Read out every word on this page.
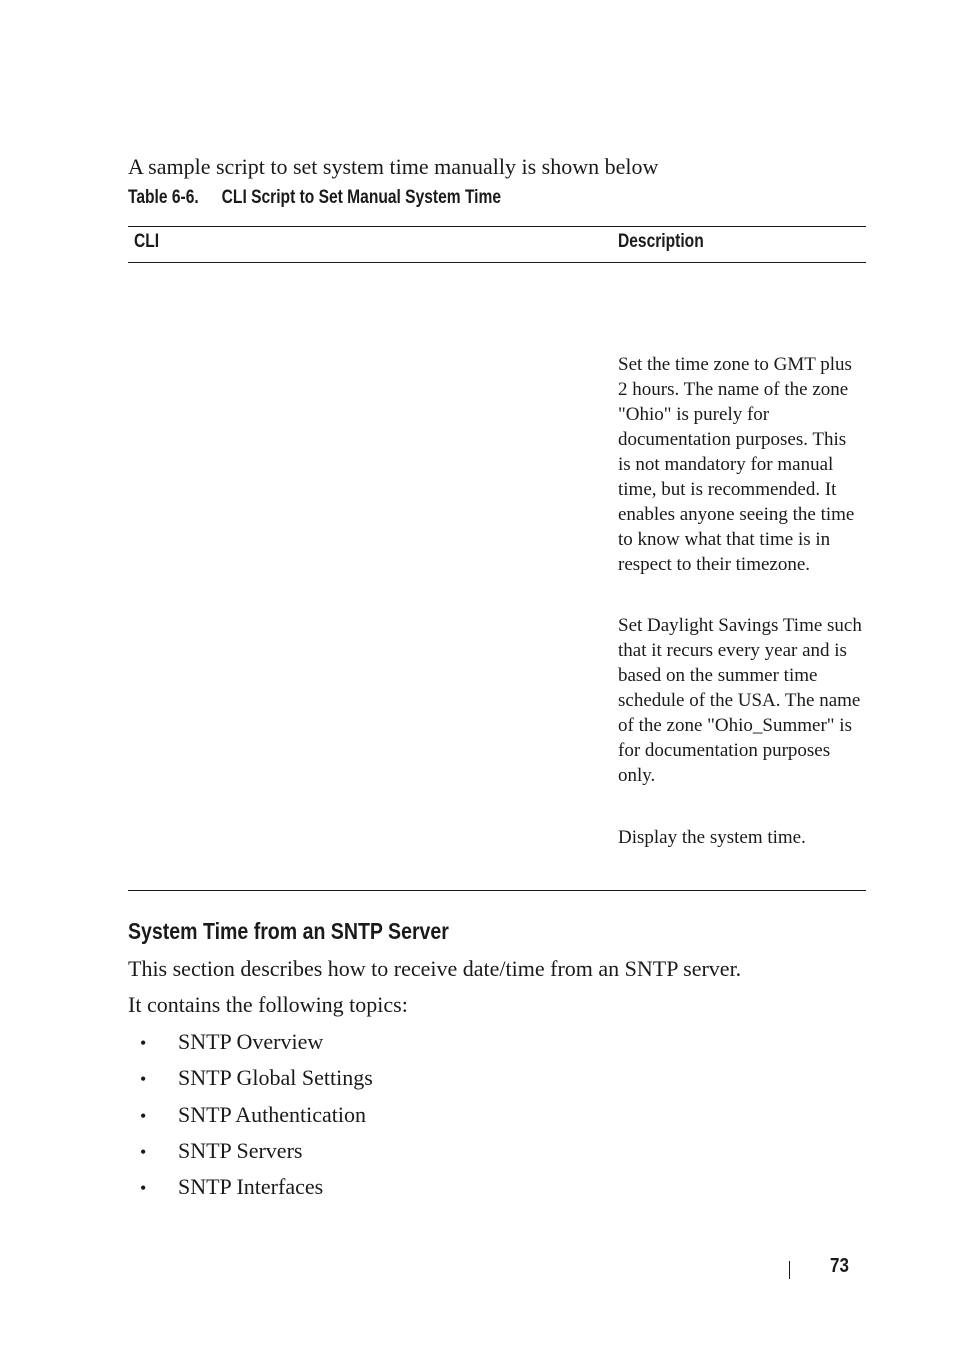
A sample script to set system time manually is shown below
Table 6-6. CLI Script to Set Manual System Time
CLI	Description

Set the time zone to GMT plus 2 hours. The name of the zone "Ohio" is purely for documentation purposes. This is not mandatory for manual time, but is recommended. It enables anyone seeing the time to know what that time is in respect to their timezone.

Set Daylight Savings Time such that it recurs every year and is based on the summer time schedule of the USA. The name of the zone "Ohio_Summer" is for documentation purposes only.

Display the system time.

System Time from an SNTP Server
This section describes how to receive date/time from an SNTP server.
It contains the following topics:
• SNTP Overview
• SNTP Global Settings
• SNTP Authentication
• SNTP Servers
• SNTP Interfaces
73
